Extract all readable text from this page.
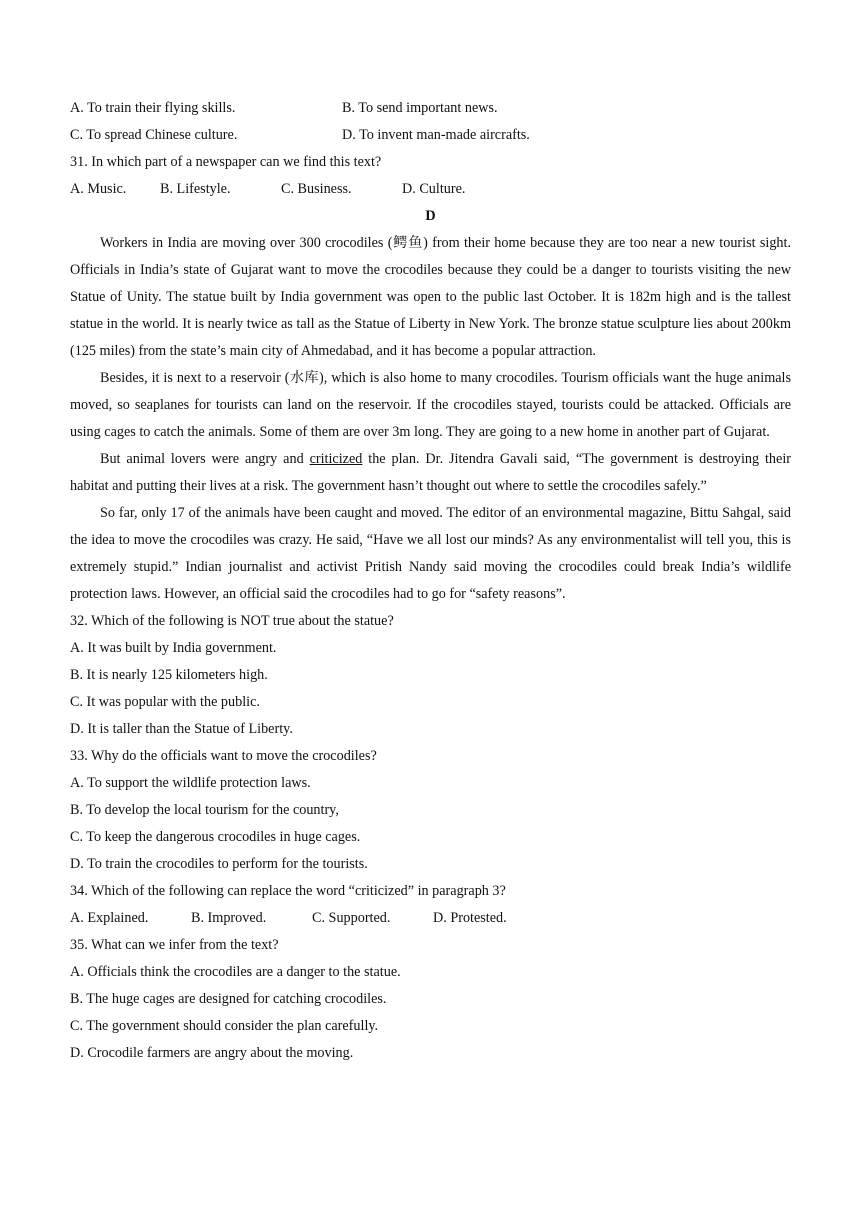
A. To train their flying skills.	B. To send important news.
C. To spread Chinese culture.	D. To invent man-made aircrafts.
31. In which part of a newspaper can we find this text?
A. Music.	B. Lifestyle.	C. Business.	D. Culture.
D

Workers in India are moving over 300 crocodiles (鳄鱼) from their home because they are too near a new tourist sight. Officials in India’s state of Gujarat want to move the crocodiles because they could be a danger to tourists visiting the new Statue of Unity. The statue built by India government was open to the public last October. It is 182m high and is the tallest statue in the world. It is nearly twice as tall as the Statue of Liberty in New York. The bronze statue sculpture lies about 200km (125 miles) from the state’s main city of Ahmedabad, and it has become a popular attraction.

Besides, it is next to a reservoir (水库), which is also home to many crocodiles. Tourism officials want the huge animals moved, so seaplanes for tourists can land on the reservoir. If the crocodiles stayed, tourists could be attacked. Officials are using cages to catch the animals. Some of them are over 3m long. They are going to a new home in another part of Gujarat.

But animal lovers were angry and criticized the plan. Dr. Jitendra Gavali said, “The government is destroying their habitat and putting their lives at a risk. The government hasn’t thought out where to settle the crocodiles safely.”

So far, only 17 of the animals have been caught and moved. The editor of an environmental magazine, Bittu Sahgal, said the idea to move the crocodiles was crazy. He said, “Have we all lost our minds? As any environmentalist will tell you, this is extremely stupid.” Indian journalist and activist Pritish Nandy said moving the crocodiles could break India’s wildlife protection laws. However, an official said the crocodiles had to go for “safety reasons”.

32. Which of the following is NOT true about the statue?
A. It was built by India government.
B. It is nearly 125 kilometers high.
C. It was popular with the public.
D. It is taller than the Statue of Liberty.
33. Why do the officials want to move the crocodiles?
A. To support the wildlife protection laws.
B. To develop the local tourism for the country,
C. To keep the dangerous crocodiles in huge cages.
D. To train the crocodiles to perform for the tourists.
34. Which of the following can replace the word “criticized” in paragraph 3?
A. Explained.	B. Improved.	C. Supported.	D. Protested.
35. What can we infer from the text?
A. Officials think the crocodiles are a danger to the statue.
B. The huge cages are designed for catching crocodiles.
C. The government should consider the plan carefully.
D. Crocodile farmers are angry about the moving.
